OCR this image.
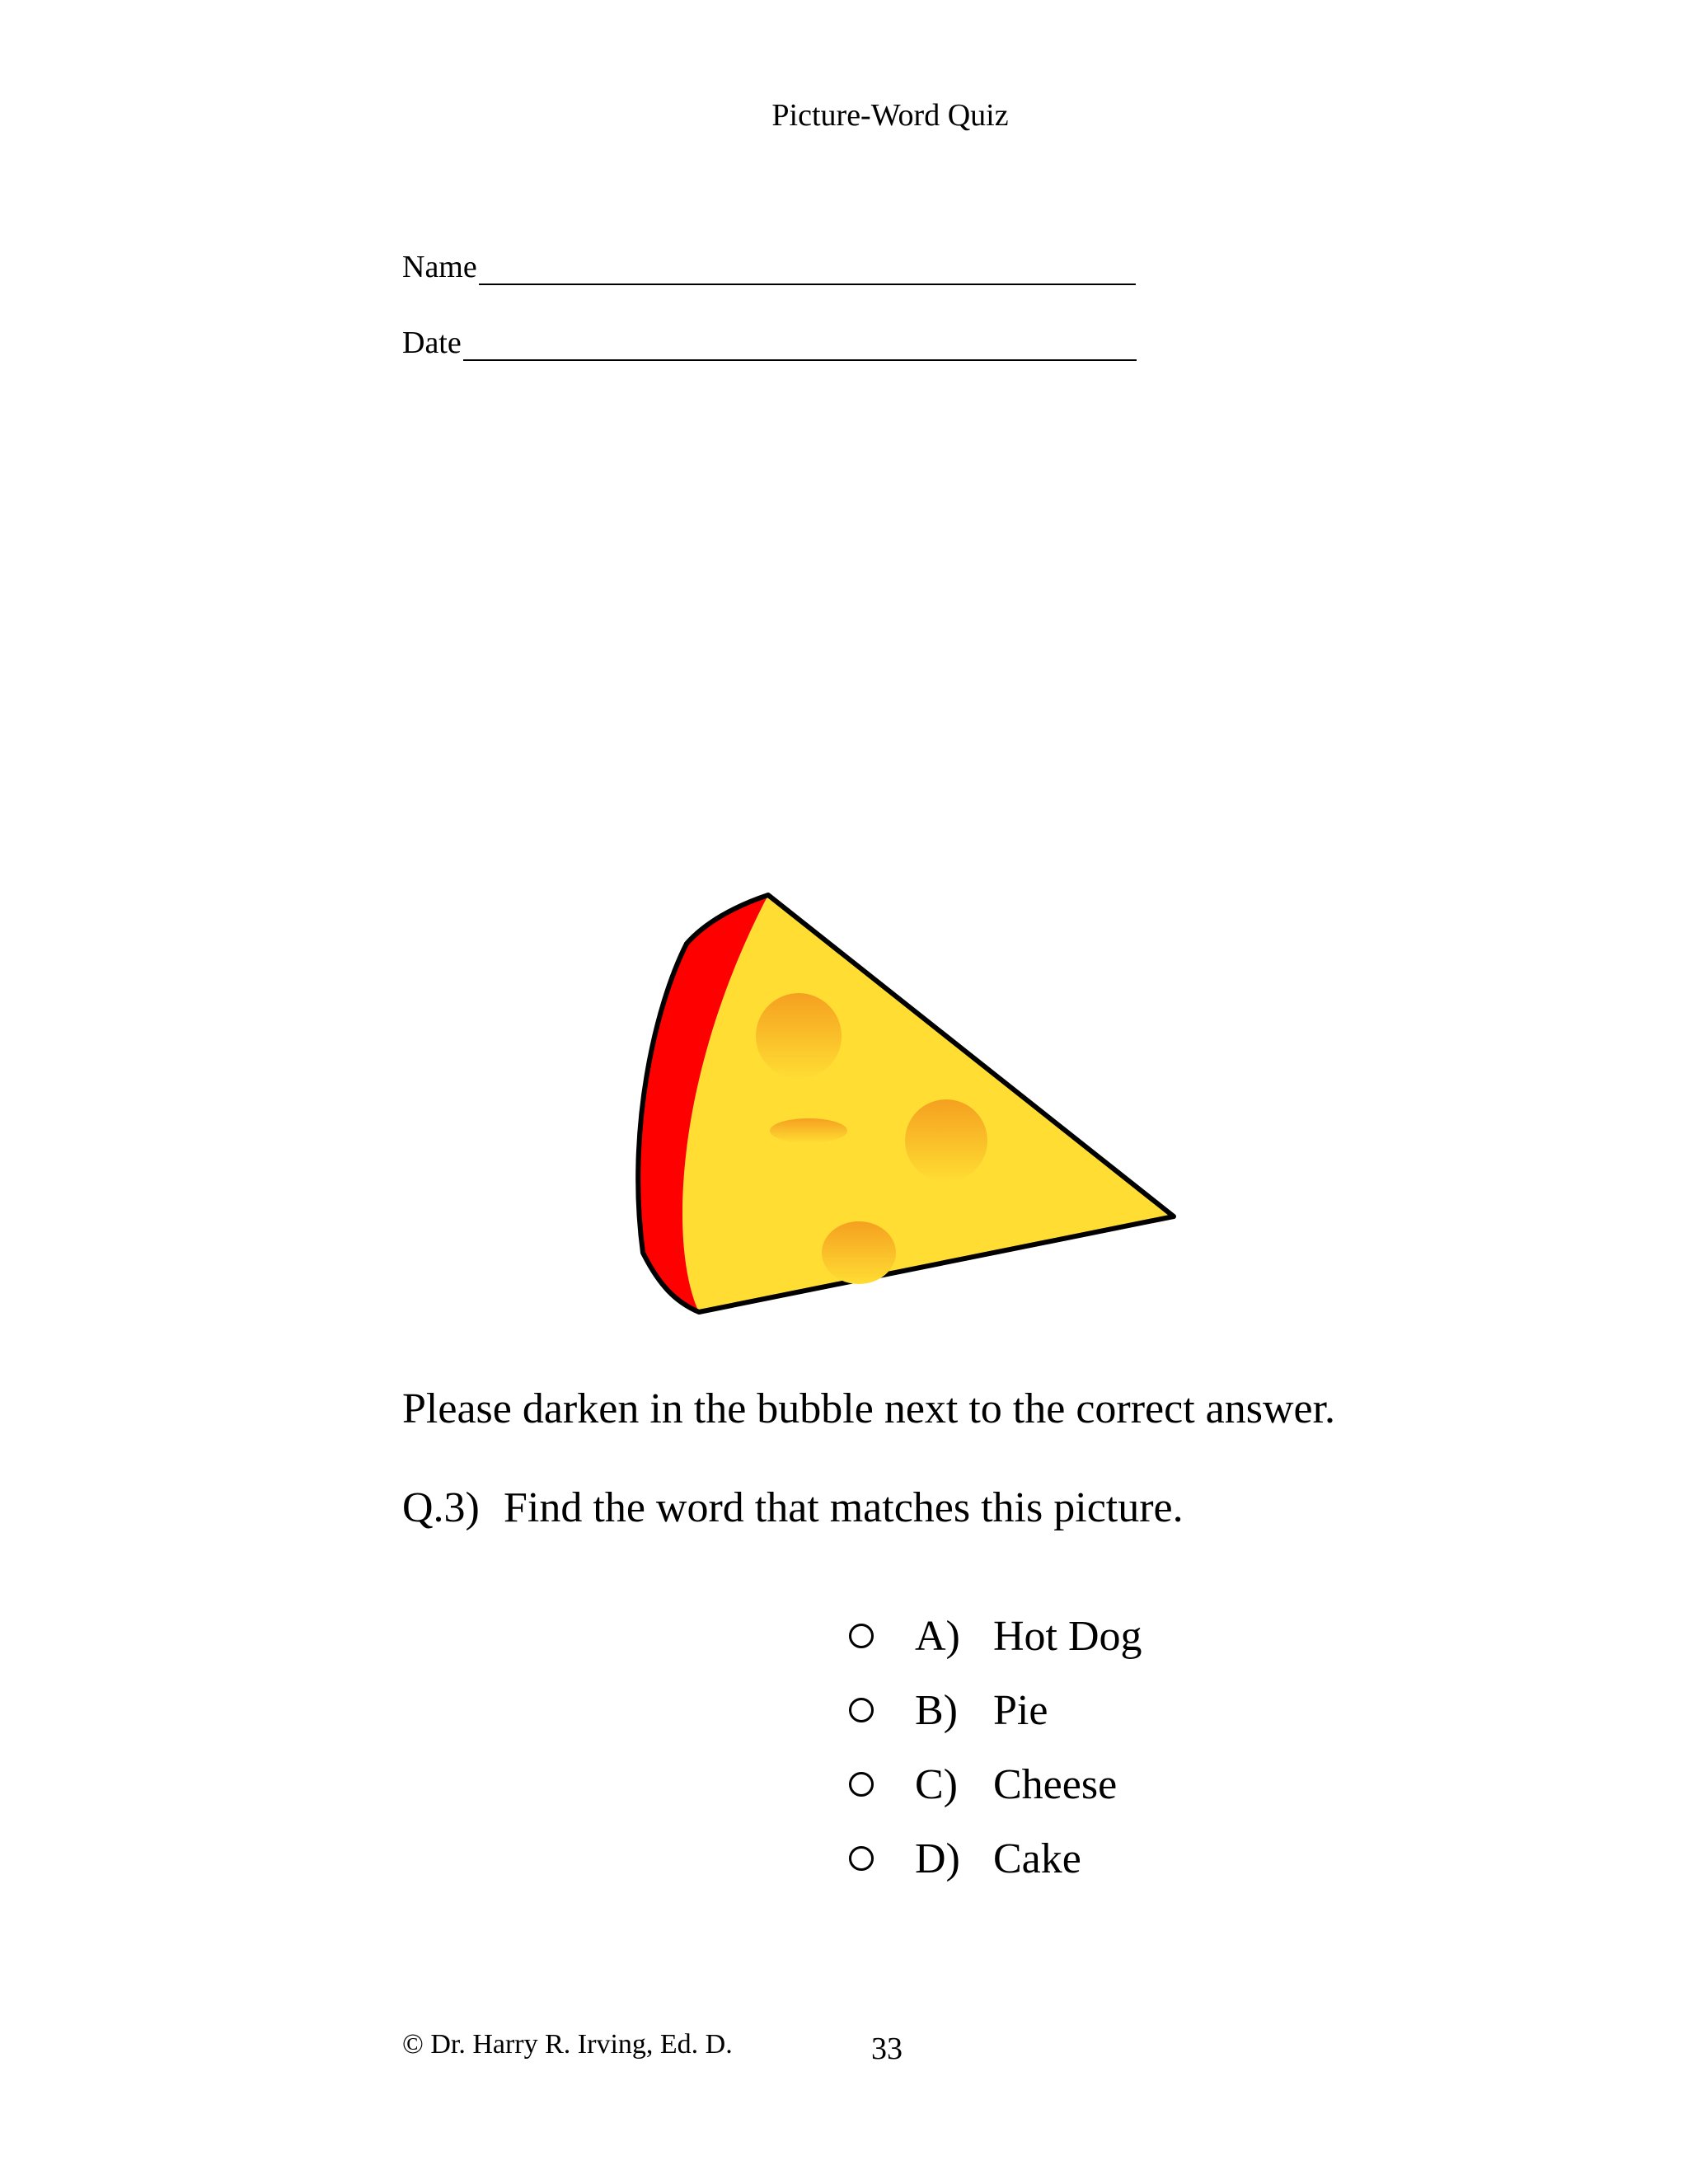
Picture-Word Quiz
Name
Date
Please darken in the bubble next to the correct answer.
Q.3) Find the word that matches this picture.
A) Hot Dog
B) Pie
C) Cheese
D) Cake
© Dr. Harry R. Irving, Ed. D.	33
